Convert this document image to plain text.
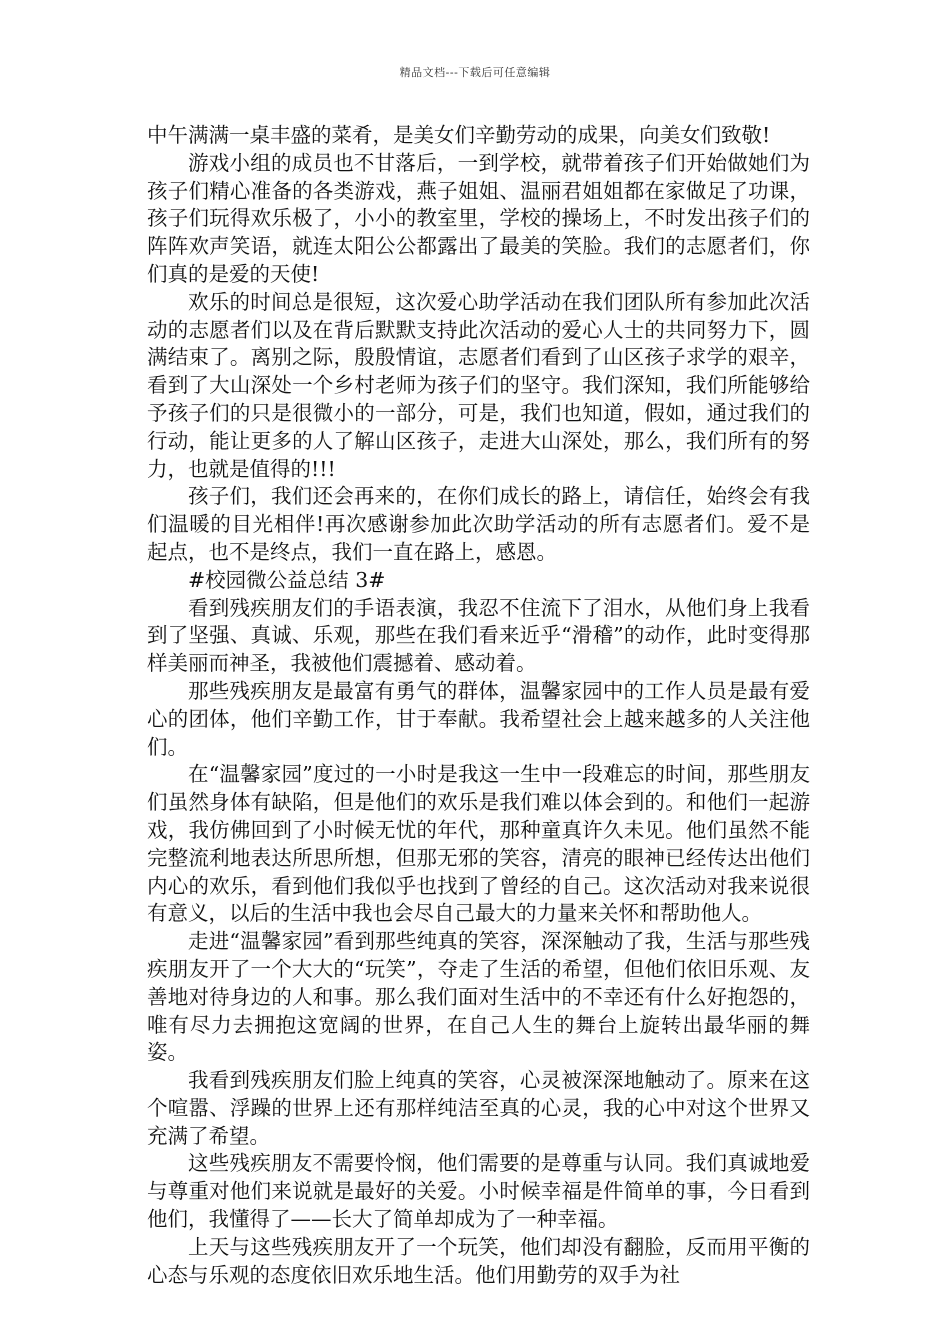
精品文档---下载后可任意编辑

中午满满一桌丰盛的菜肴，是美女们辛勤劳动的成果，向美女们致敬!

游戏小组的成员也不甘落后，一到学校，就带着孩子们开始做她们为孩子们精心准备的各类游戏，燕子姐姐、温丽君姐姐都在家做足了功课，孩子们玩得欢乐极了，小小的教室里，学校的操场上，不时发出孩子们的阵阵欢声笑语，就连太阳公公都露出了最美的笑脸。我们的志愿者们，你们真的是爱的天使!

欢乐的时间总是很短，这次爱心助学活动在我们团队所有参加此次活动的志愿者们以及在背后默默支持此次活动的爱心人士的共同努力下，圆满结束了。离别之际，殷殷情谊，志愿者们看到了山区孩子求学的艰辛，看到了大山深处一个乡村老师为孩子们的坚守。我们深知，我们所能够给予孩子们的只是很微小的一部分，可是，我们也知道，假如，通过我们的行动，能让更多的人了解山区孩子，走进大山深处，那么，我们所有的努力，也就是值得的!!!

孩子们，我们还会再来的，在你们成长的路上，请信任，始终会有我们温暖的目光相伴!再次感谢参加此次助学活动的所有志愿者们。爱不是起点，也不是终点，我们一直在路上，感恩。

#校园微公益总结 3#

看到残疾朋友们的手语表演，我忍不住流下了泪水，从他们身上我看到了坚强、真诚、乐观，那些在我们看来近乎“滑稽”的动作，此时变得那样美丽而神圣，我被他们震撼着、感动着。

那些残疾朋友是最富有勇气的群体，温馨家园中的工作人员是最有爱心的团体，他们辛勤工作，甘于奉献。我希望社会上越来越多的人关注他们。

在“温馨家园”度过的一小时是我这一生中一段难忘的时间，那些朋友们虽然身体有缺陷，但是他们的欢乐是我们难以体会到的。和他们一起游戏，我仿佛回到了小时候无忧的年代，那种童真许久未见。他们虽然不能完整流利地表达所思所想，但那无邪的笑容，清亮的眼神已经传达出他们内心的欢乐，看到他们我似乎也找到了曾经的自己。这次活动对我来说很有意义，以后的生活中我也会尽自己最大的力量来关怀和帮助他人。

走进“温馨家园”看到那些纯真的笑容，深深触动了我，生活与那些残疾朋友开了一个大大的“玩笑”，夺走了生活的希望，但他们依旧乐观、友善地对待身边的人和事。那么我们面对生活中的不幸还有什么好抱怨的，唯有尽力去拥抱这宽阔的世界，在自己人生的舞台上旋转出最华丽的舞姿。

我看到残疾朋友们脸上纯真的笑容，心灵被深深地触动了。原来在这个喧嚣、浮躁的世界上还有那样纯洁至真的心灵，我的心中对这个世界又充满了希望。

这些残疾朋友不需要怜悯，他们需要的是尊重与认同。我们真诚地爱与尊重对他们来说就是最好的关爱。小时候幸福是件简单的事，今日看到他们，我懂得了——长大了简单却成为了一种幸福。

上天与这些残疾朋友开了一个玩笑，他们却没有翻脸，反而用平衡的心态与乐观的态度依旧欢乐地生活。他们用勤劳的双手为社
